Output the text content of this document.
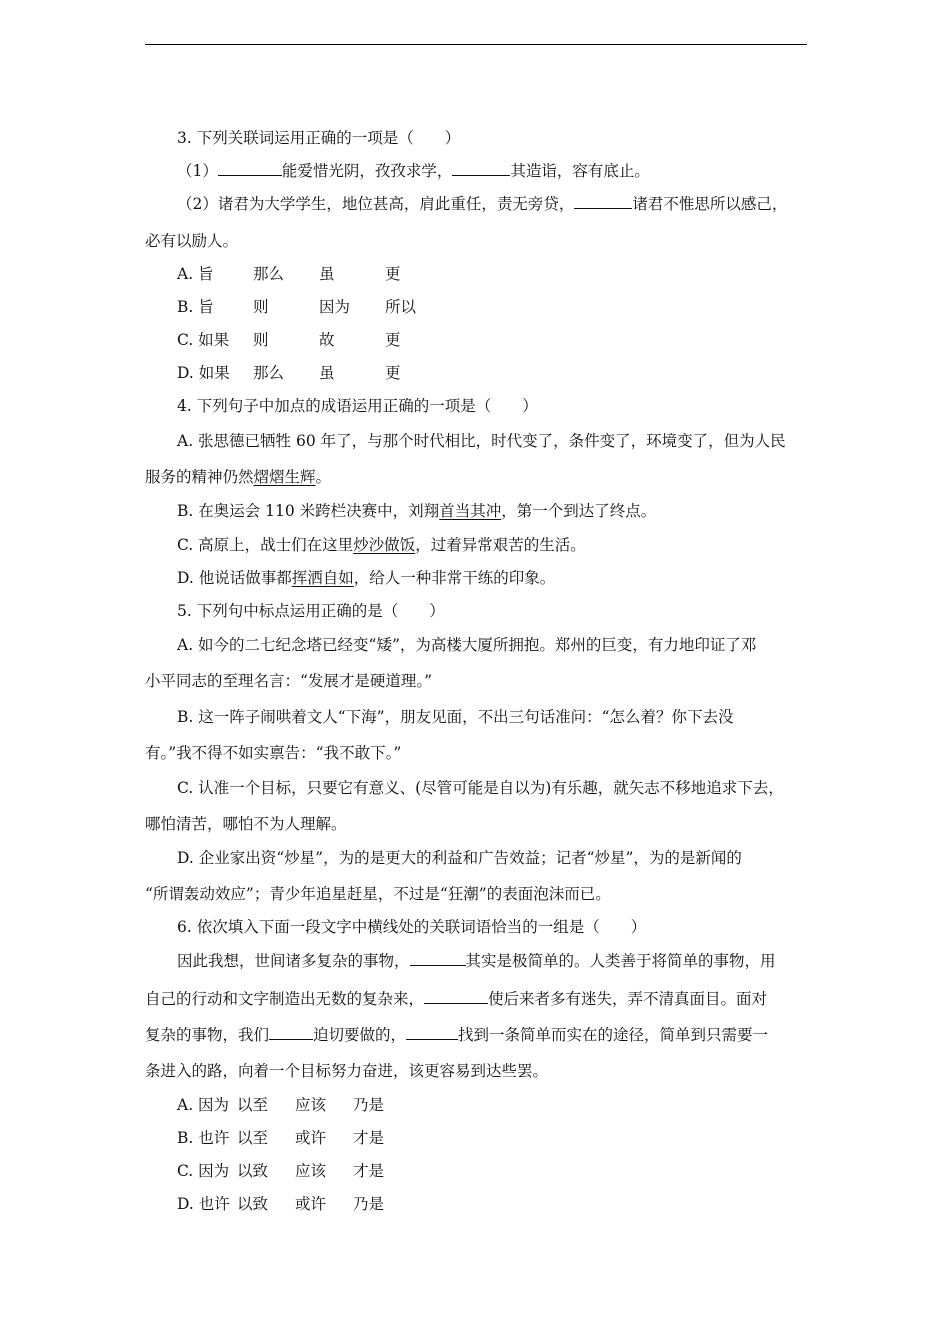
3. 下列关联词运用正确的一项是（　　）
（1）	能爱惜光阴，孜孜求学，	其造诣，容有底止。
（2）诸君为大学学生，地位甚高，肩此重任，责无旁贷，	诸君不惟思所以感己，
必有以励人。
A. 旨	那么 虽	更
B. 旨	则	因为 所以
C. 如果 则	故	更
D. 如果 那么 虽	更
4. 下列句子中加点的成语运用正确的一项是（　　）
A. 张思德已牺牲 60 年了，与那个时代相比，时代变了，条件变了，环境变了，但为人民
服务的精神仍然熠熠生辉。
B. 在奥运会 110 米跨栏决赛中，刘翔首当其冲，第一个到达了终点。
C. 高原上，战士们在这里炒沙做饭，过着异常艰苦的生活。
D. 他说话做事都挥洒自如，给人一种非常干练的印象。
5. 下列句中标点运用正确的是（　　）
A. 如今的二七纪念塔已经变“矮”，为高楼大厦所拥抱。郑州的巨变，有力地印证了邓
小平同志的至理名言：“发展才是硬道理。”
B. 这一阵子闹哄着文人“下海”，朋友见面，不出三句话准问：“怎么着？你下去没
有。”我不得不如实禀告：“我不敢下。”
C. 认准一个目标，只要它有意义、(尽管可能是自以为)有乐趣，就矢志不移地追求下去，
哪怕清苦，哪怕不为人理解。
D. 企业家出资“炒星”，为的是更大的利益和广告效益；记者“炒星”，为的是新闻的
“所谓轰动效应”；青少年追星赶星，不过是“狂潮”的表面泡沫而已。
6. 依次填入下面一段文字中横线处的关联词语恰当的一组是（　　）
因此我想，世间诸多复杂的事物，	其实是极简单的。人类善于将简单的事物，用
自己的行动和文字制造出无数的复杂来，	使后来者多有迷失，弄不清真面目。面对
复杂的事物，我们	迫切要做的，	找到一条简单而实在的途径，简单到只需要一
条进入的路，向着一个目标努力奋进，该更容易到达些罢。
A. 因为 以至 应该 乃是
B. 也许 以至 或许 才是
C. 因为 以致 应该 才是
D. 也许 以致 或许 乃是
